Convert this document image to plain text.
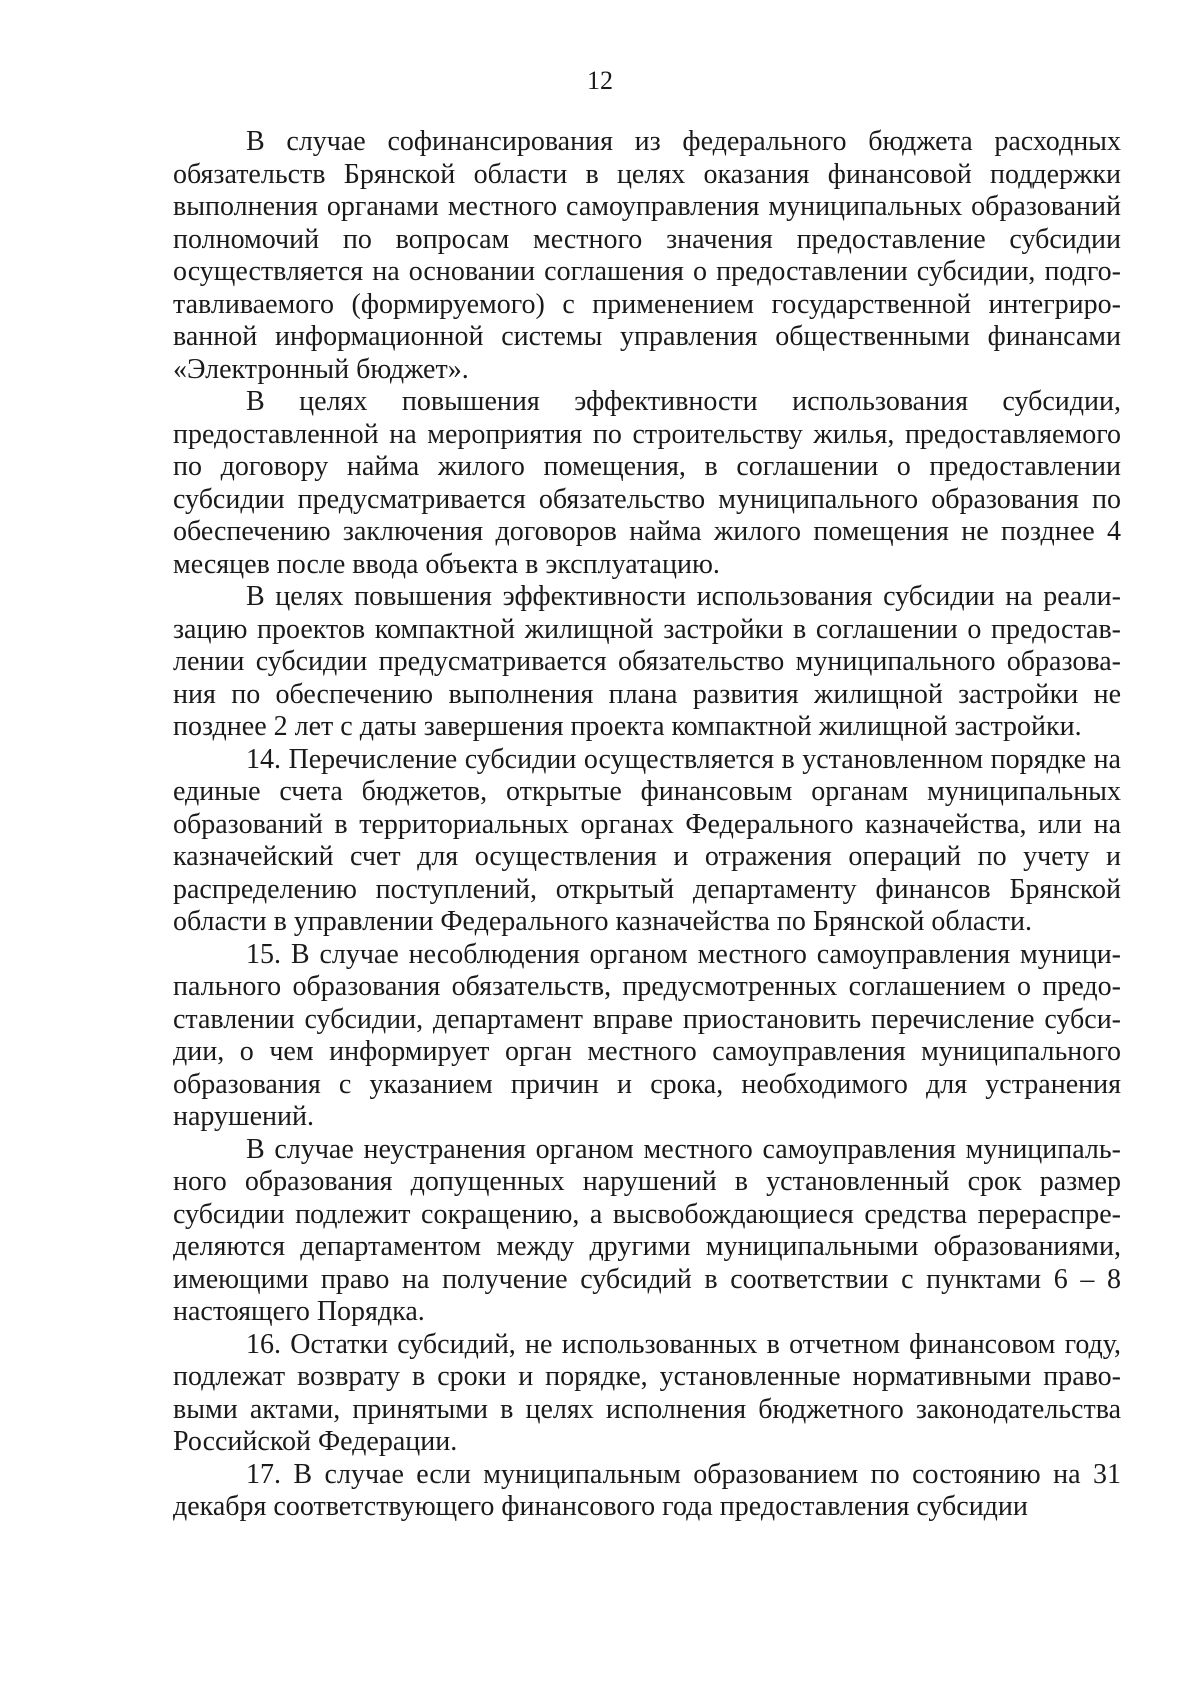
12

В случае софинансирования из федерального бюджета расходных обязательств Брянской области в целях оказания финансовой поддержки выполнения органами местного самоуправления муниципальных образований полномочий по вопросам местного значения предоставление субсидии осуществляется на основании соглашения о предоставлении субсидии, подготавливаемого (формируемого) с применением государственной интегрированной информационной системы управления общественными финансами «Электронный бюджет».

В целях повышения эффективности использования субсидии, предоставленной на мероприятия по строительству жилья, предоставляемого по договору найма жилого помещения, в соглашении о предоставлении субсидии предусматривается обязательство муниципального образования по обеспечению заключения договоров найма жилого помещения не позднее 4 месяцев после ввода объекта в эксплуатацию.

В целях повышения эффективности использования субсидии на реализацию проектов компактной жилищной застройки в соглашении о предоставлении субсидии предусматривается обязательство муниципального образования по обеспечению выполнения плана развития жилищной застройки не позднее 2 лет с даты завершения проекта компактной жилищной застройки.

14. Перечисление субсидии осуществляется в установленном порядке на единые счета бюджетов, открытые финансовым органам муниципальных образований в территориальных органах Федерального казначейства, или на казначейский счет для осуществления и отражения операций по учету и распределению поступлений, открытый департаменту финансов Брянской области в управлении Федерального казначейства по Брянской области.

15. В случае несоблюдения органом местного самоуправления муниципального образования обязательств, предусмотренных соглашением о предоставлении субсидии, департамент вправе приостановить перечисление субсидии, о чем информирует орган местного самоуправления муниципального образования с указанием причин и срока, необходимого для устранения нарушений.

В случае неустранения органом местного самоуправления муниципального образования допущенных нарушений в установленный срок размер субсидии подлежит сокращению, а высвобождающиеся средства перераспределяются департаментом между другими муниципальными образованиями, имеющими право на получение субсидий в соответствии с пунктами 6 – 8 настоящего Порядка.

16. Остатки субсидий, не использованных в отчетном финансовом году, подлежат возврату в сроки и порядке, установленные нормативными правовыми актами, принятыми в целях исполнения бюджетного законодательства Российской Федерации.

17. В случае если муниципальным образованием по состоянию на 31 декабря соответствующего финансового года предоставления субсидии
